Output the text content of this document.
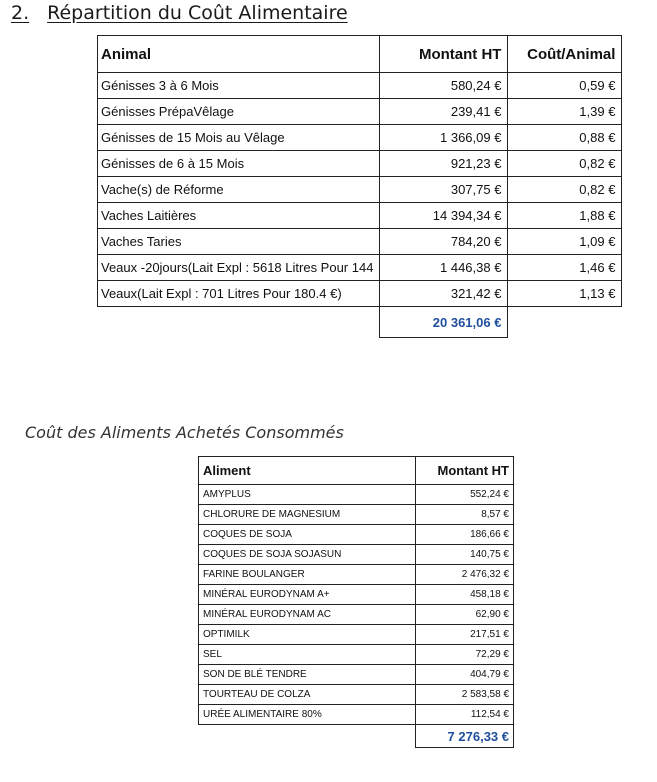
2. Répartition du Coût Alimentaire
Animal	Montant HT	Coût/Animal
Génisses 3 à 6 Mois	580,24 €	0,59 €
Génisses PrépaVêlage	239,41 €	1,39 €
Génisses de 15 Mois au Vêlage	1 366,09 €	0,88 €
Génisses de 6 à 15 Mois	921,23 €	0,82 €
Vache(s) de Réforme	307,75 €	0,82 €
Vaches Laitières	14 394,34 €	1,88 €
Vaches Taries	784,20 €	1,09 €
Veaux -20jours(Lait Expl : 5618 Litres Pour 144	1 446,38 €	1,46 €
Veaux(Lait Expl : 701 Litres Pour 180.4 €)	321,42 €	1,13 €
	20 361,06 €	
Coût des Aliments Achetés Consommés
Aliment	Montant HT
AMYPLUS	552,24 €
CHLORURE DE MAGNESIUM	8,57 €
COQUES DE SOJA	186,66 €
COQUES DE SOJA SOJASUN	140,75 €
FARINE BOULANGER	2 476,32 €
MINÉRAL EURODYNAM A+	458,18 €
MINÉRAL EURODYNAM AC	62,90 €
OPTIMILK	217,51 €
SEL	72,29 €
SON DE BLÉ TENDRE	404,79 €
TOURTEAU DE COLZA	2 583,58 €
URÉE ALIMENTAIRE 80%	112,54 €
	7 276,33 €
